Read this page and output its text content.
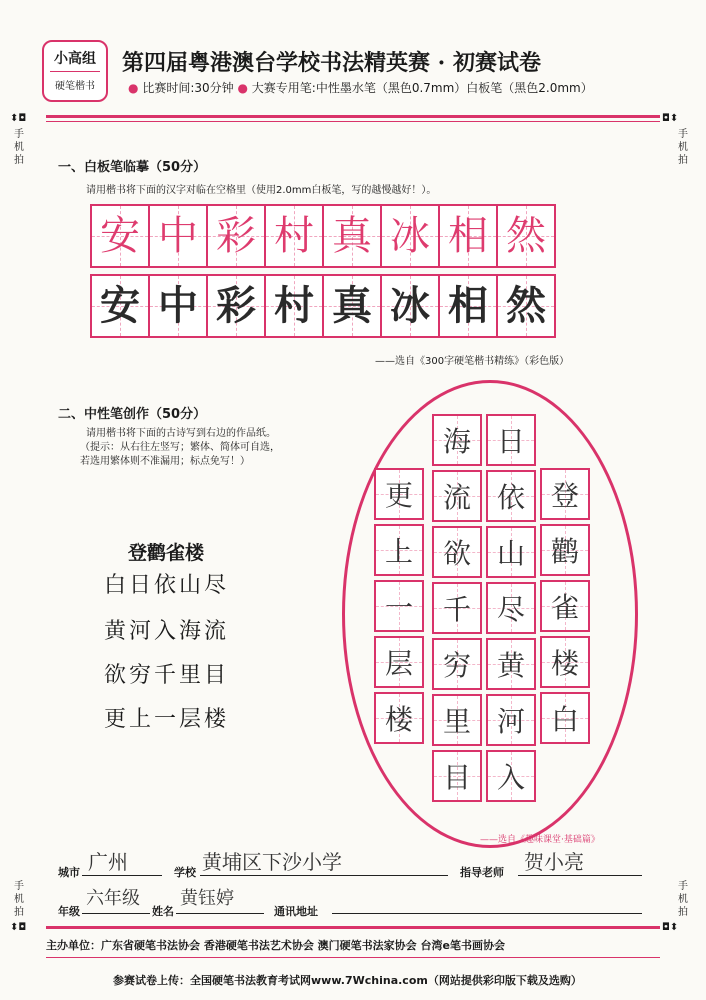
小高组
硬笔楷书
第四届粤港澳台学校书法精英赛 · 初赛试卷
● 比赛时间:30分钟 ● 大赛专用笔:中性墨水笔（黑色0.7mm）白板笔（黑色2.0mm）
⬍◘
手机拍
◘⬍
手机拍
手机拍
⬍◘
手机拍
◘⬍
一、白板笔临摹（50分）
请用楷书将下面的汉字对临在空格里（使用2.0mm白板笔，写的越慢越好！）。
安 中 彩 村 真 冰 相 然
安 中 彩 村 真 冰 相 然
——选自《300字硬笔楷书精练》（彩色版）
二、中性笔创作（50分）
请用楷书将下面的古诗写到右边的作品纸。
（提示：从右往左竖写；繁体、简体可自选，
若选用繁体则不准漏用；标点免写！）
登鹳雀楼
白日依山尽
黄河入海流
欲穷千里目
更上一层楼
登
鹳
雀
楼
白
日
依
山
尽
黄
河
入
海
流
欲
千
穷
里
目
更
上
一
层
楼
——选自《趣味课堂·基础篇》
城市 广州	学校 黄埔区下沙小学	指导老师 贺小亮
年级
六年级
姓名
黄钰婷
通讯地址
主办单位：广东省硬笔书法协会 香港硬笔书法艺术协会 澳门硬笔书法家协会 台湾e笔书画协会
参赛试卷上传：全国硬笔书法教育考试网www.7Wchina.com（网站提供彩印版下载及选购）
